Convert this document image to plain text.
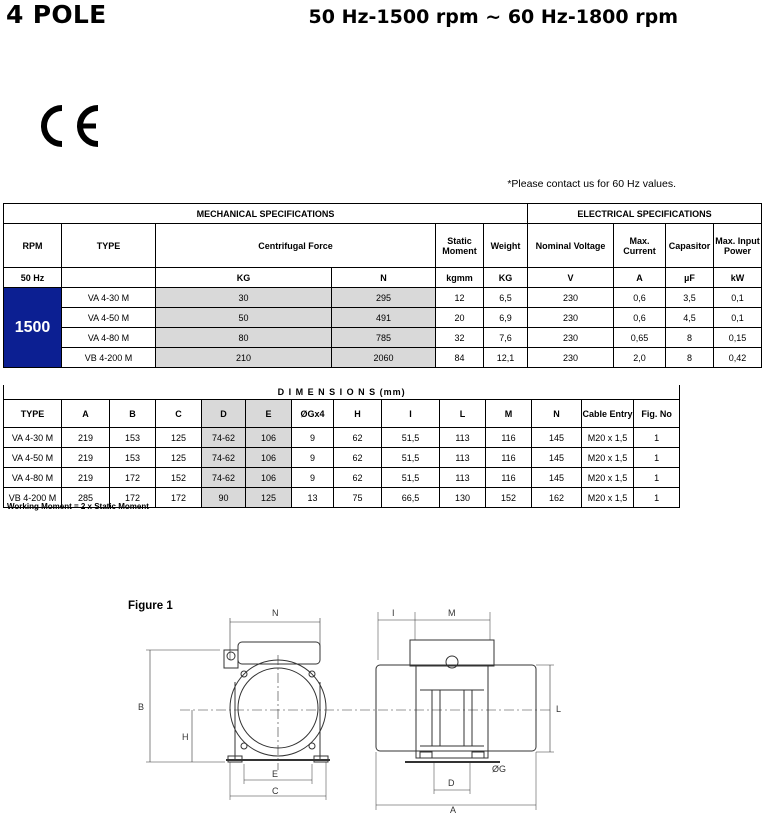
4 POLE	50 Hz-1500 rpm ~ 60 Hz-1800 rpm
*Please contact us for 60 Hz values.
MECHANICAL SPECIFICATIONS						ELECTRICAL SPECIFICATIONS			
RPM	TYPE	Centrifugal Force		Static Moment	Weight	Nominal Voltage	Max. Current	Capasitor	Max. Input Power
50 Hz		KG	N	kgmm	KG	V	A	µF	kW
1500	VA 4-30 M	30	295	12	6,5	230	0,6	3,5	0,1
	VA 4-50 M	50	491	20	6,9	230	0,6	4,5	0,1
	VA 4-80 M	80	785	32	7,6	230	0,65	8	0,15
	VB 4-200 M	210	2060	84	12,1	230	2,0	8	0,42
D I M E N S I O N S (mm)													
TYPE	A	B	C	D	E	ØGx4	H	I	L	M	N	Cable Entry	Fig. No
VA 4-30 M	219	153	125	74-62	106	9	62	51,5	113	116	145	M20 x 1,5	1
VA 4-50 M	219	153	125	74-62	106	9	62	51,5	113	116	145	M20 x 1,5	1
VA 4-80 M	219	172	152	74-62	106	9	62	51,5	113	116	145	M20 x 1,5	1
VB 4-200 M	285	172	172	90	125	13	75	66,5	130	152	162	M20 x 1,5	1
Working Moment = 2 x Static Moment
Figure 1
N
B
H
E
C
I	M
L
D
ØG
A
